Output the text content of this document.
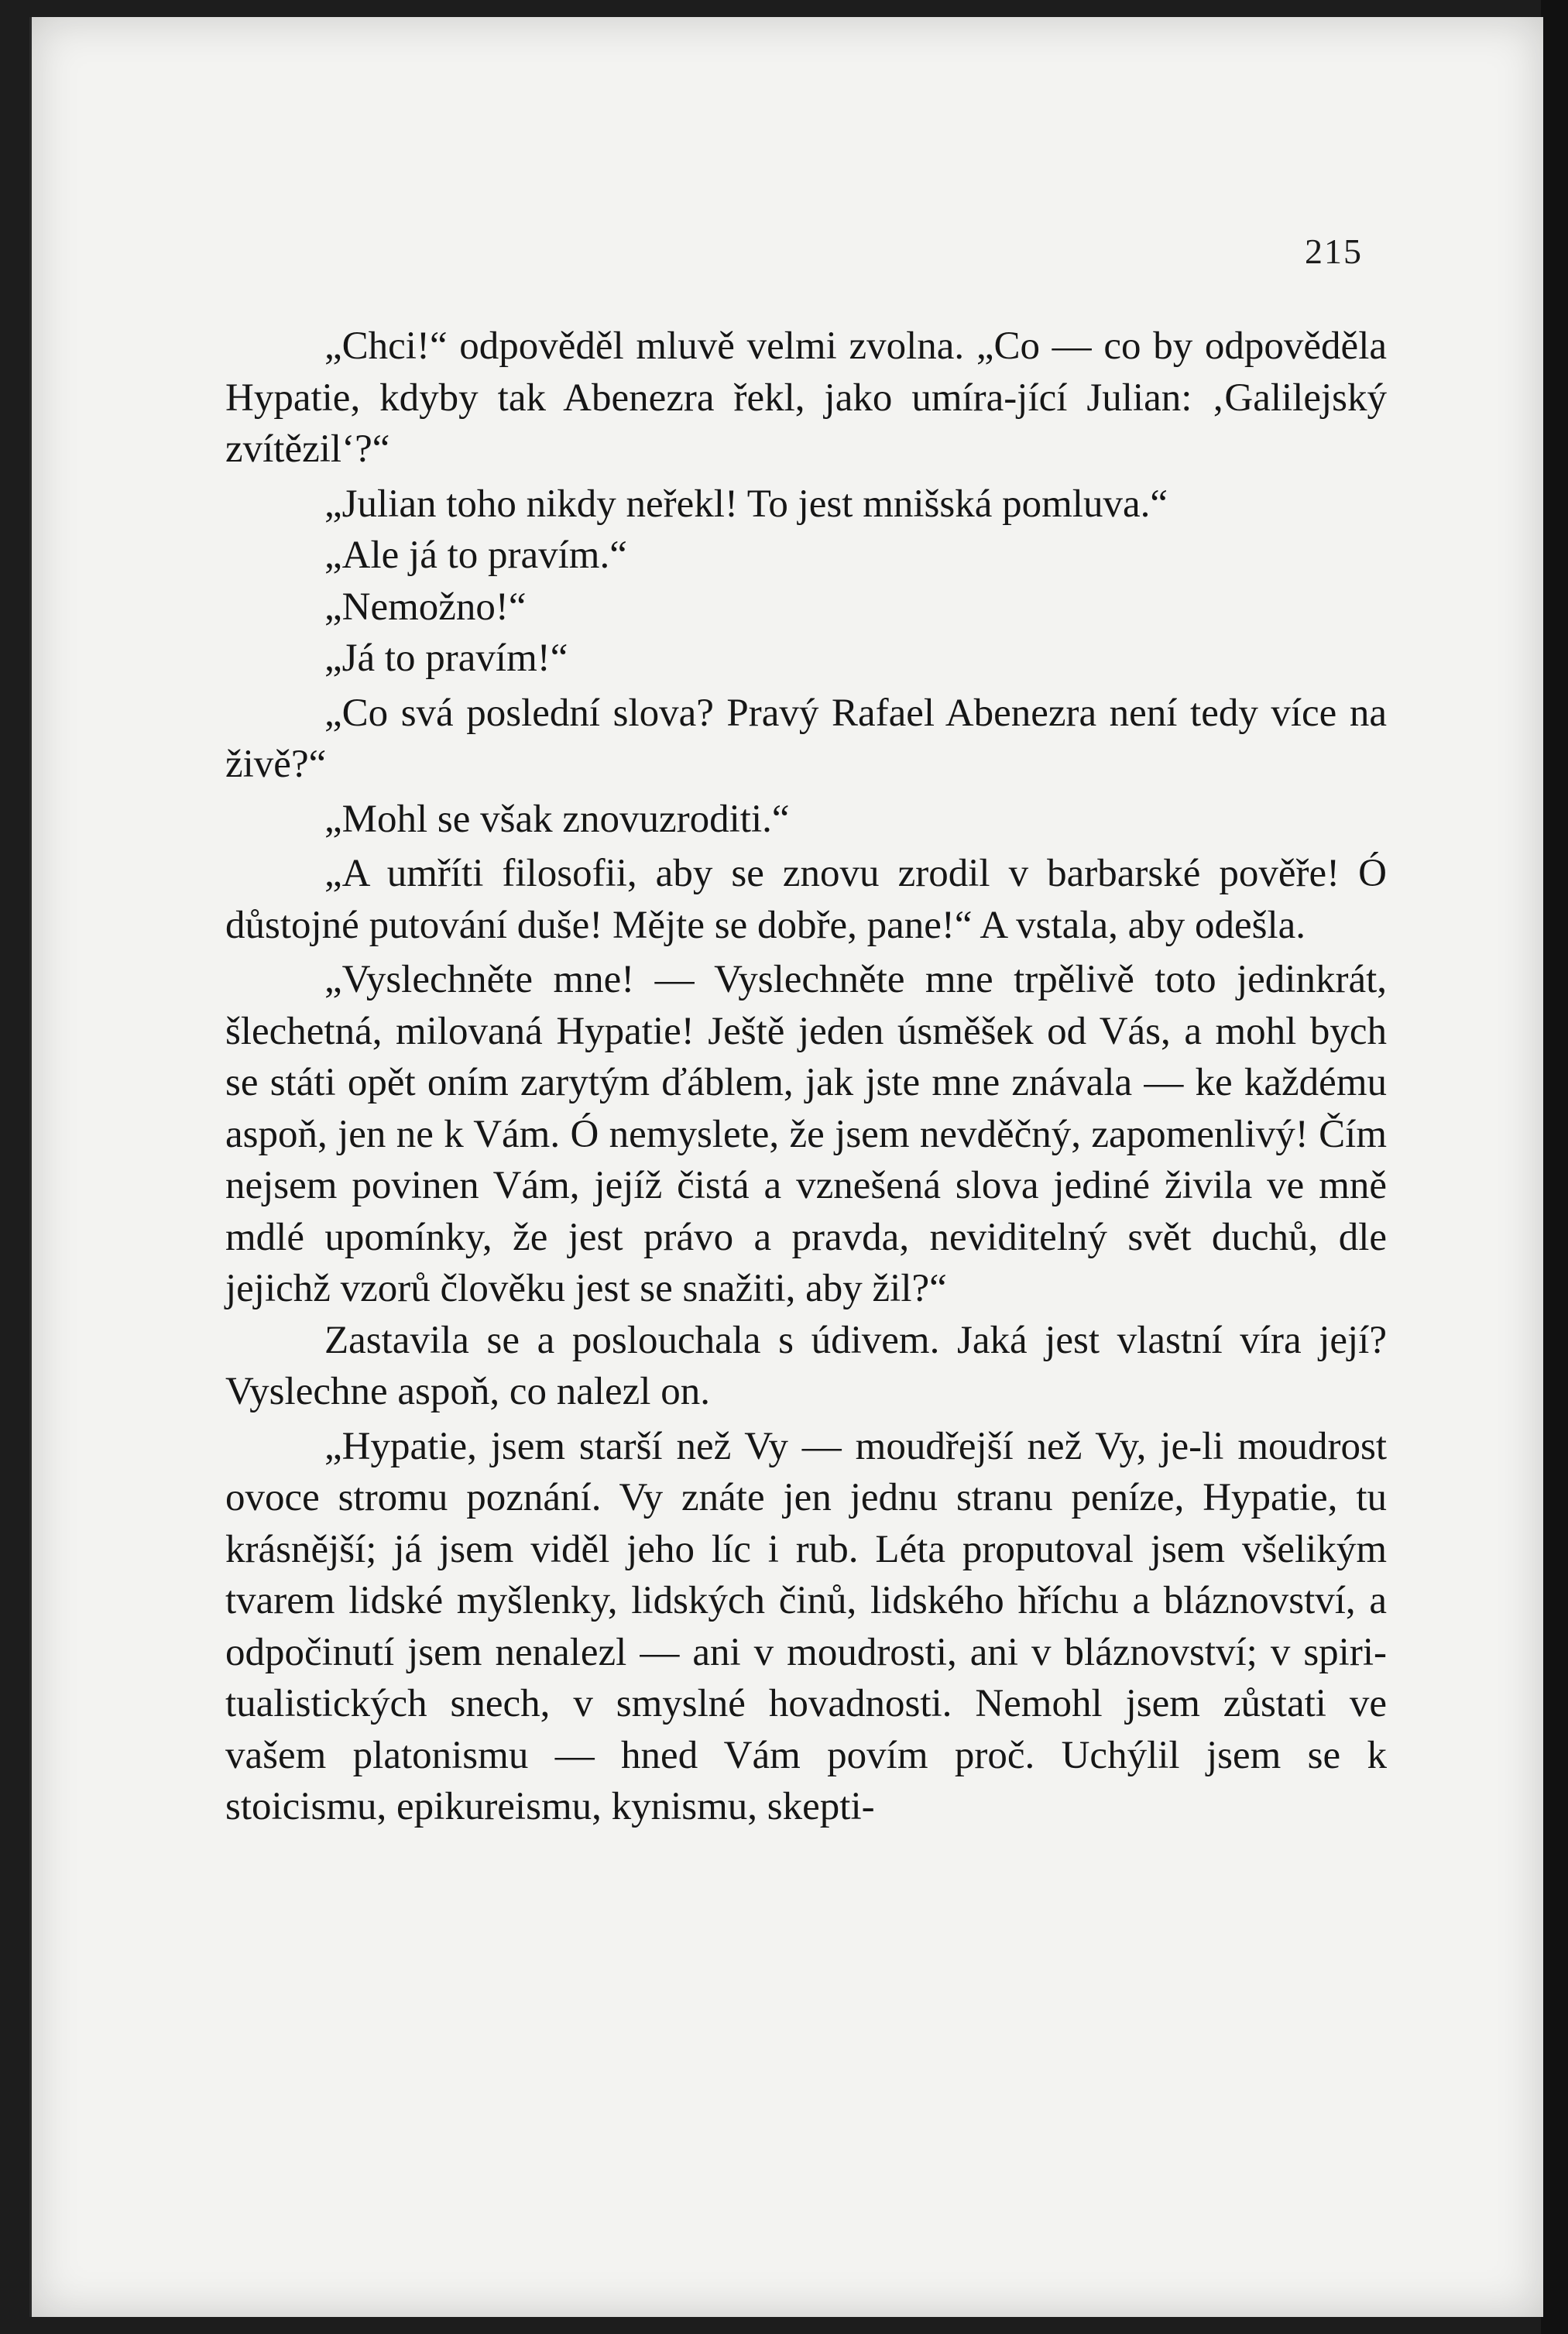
215

„Chci!“ odpověděl mluvě velmi zvolna. „Co — co by odpověděla Hypatie, kdyby tak Abenezra řekl, jako umíra-jící Julian: ‚Galilejský zvítězil‘?“

„Julian toho nikdy neřekl! To jest mnišská pomluva.“

„Ale já to pravím.“

„Nemožno!“

„Já to pravím!“

„Co svá poslední slova? Pravý Rafael Abenezra není tedy více na živě?“

„Mohl se však znovuzroditi.“

„A umříti filosofii, aby se znovu zrodil v barbarské pověře! Ó důstojné putování duše! Mějte se dobře, pane!“ A vstala, aby odešla.

„Vyslechněte mne! — Vyslechněte mne trpělivě toto jedinkrát, šlechetná, milovaná Hypatie! Ještě jeden úsměšek od Vás, a mohl bych se státi opět oním zarytým ďáblem, jak jste mne znávala — ke každému aspoň, jen ne k Vám. Ó nemyslete, že jsem nevděčný, zapomenlivý! Čím nejsem povinen Vám, jejíž čistá a vznešená slova jediné živila ve mně mdlé upomínky, že jest právo a pravda, neviditelný svět duchů, dle jejichž vzorů člověku jest se snažiti, aby žil?“

Zastavila se a poslouchala s údivem. Jaká jest vlastní víra její? Vyslechne aspoň, co nalezl on.

„Hypatie, jsem starší než Vy — moudřejší než Vy, je-li moudrost ovoce stromu poznání. Vy znáte jen jednu stranu peníze, Hypatie, tu krásnější; já jsem viděl jeho líc i rub. Léta proputoval jsem všelikým tvarem lidské myšlenky, lidských činů, lidského hříchu a bláznovství, a odpočinutí jsem nenalezl — ani v moudrosti, ani v bláznovství; v spiri-tualistických snech, v smyslné hovadnosti. Nemohl jsem zůstati ve vašem platonismu — hned Vám povím proč. Uchýlil jsem se k stoicismu, epikureismu, kynismu, skepti-
